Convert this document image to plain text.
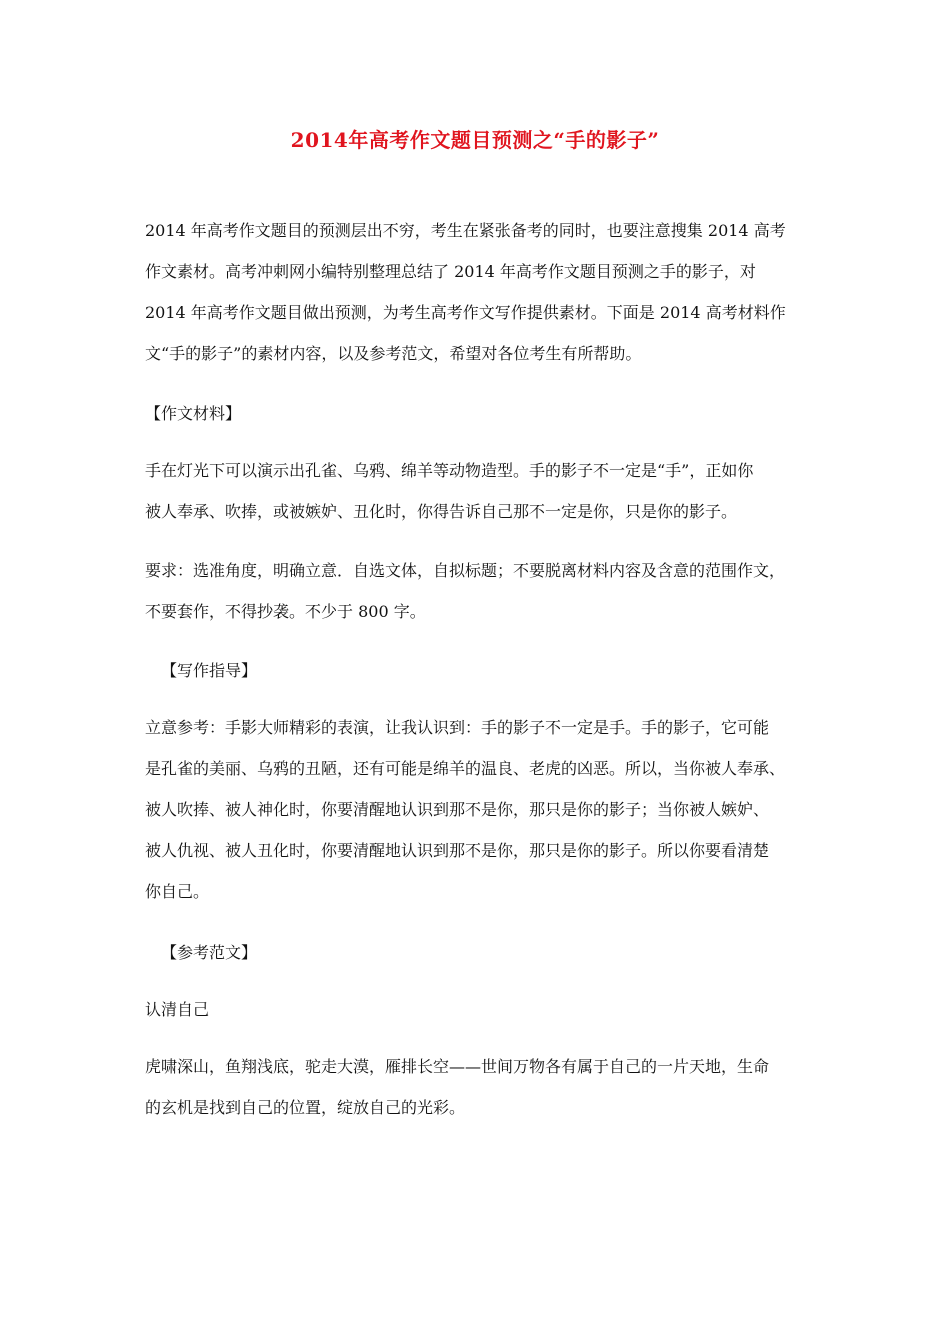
2014年高考作文题目预测之“手的影子”
2014 年高考作文题目的预测层出不穷，考生在紧张备考的同时，也要注意搜集 2014 高考
作文素材。高考冲刺网小编特别整理总结了 2014 年高考作文题目预测之手的影子，对
2014 年高考作文题目做出预测，为考生高考作文写作提供素材。下面是 2014 高考材料作
文“手的影子”的素材内容，以及参考范文，希望对各位考生有所帮助。
【作文材料】
手在灯光下可以演示出孔雀、乌鸦、绵羊等动物造型。手的影子不一定是“手”，正如你
被人奉承、吹捧，或被嫉妒、丑化时，你得告诉自己那不一定是你，只是你的影子。
要求：选准角度，明确立意．自选文体，自拟标题；不要脱离材料内容及含意的范围作文，
不要套作，不得抄袭。不少于 800 字。
【写作指导】
立意参考：手影大师精彩的表演，让我认识到：手的影子不一定是手。手的影子，它可能
是孔雀的美丽、乌鸦的丑陋，还有可能是绵羊的温良、老虎的凶恶。所以，当你被人奉承、
被人吹捧、被人神化时，你要清醒地认识到那不是你，那只是你的影子；当你被人嫉妒、
被人仇视、被人丑化时，你要清醒地认识到那不是你，那只是你的影子。所以你要看清楚
你自己。
【参考范文】
认清自己
虎啸深山，鱼翔浅底，驼走大漠，雁排长空——世间万物各有属于自己的一片天地，生命
的玄机是找到自己的位置，绽放自己的光彩。
